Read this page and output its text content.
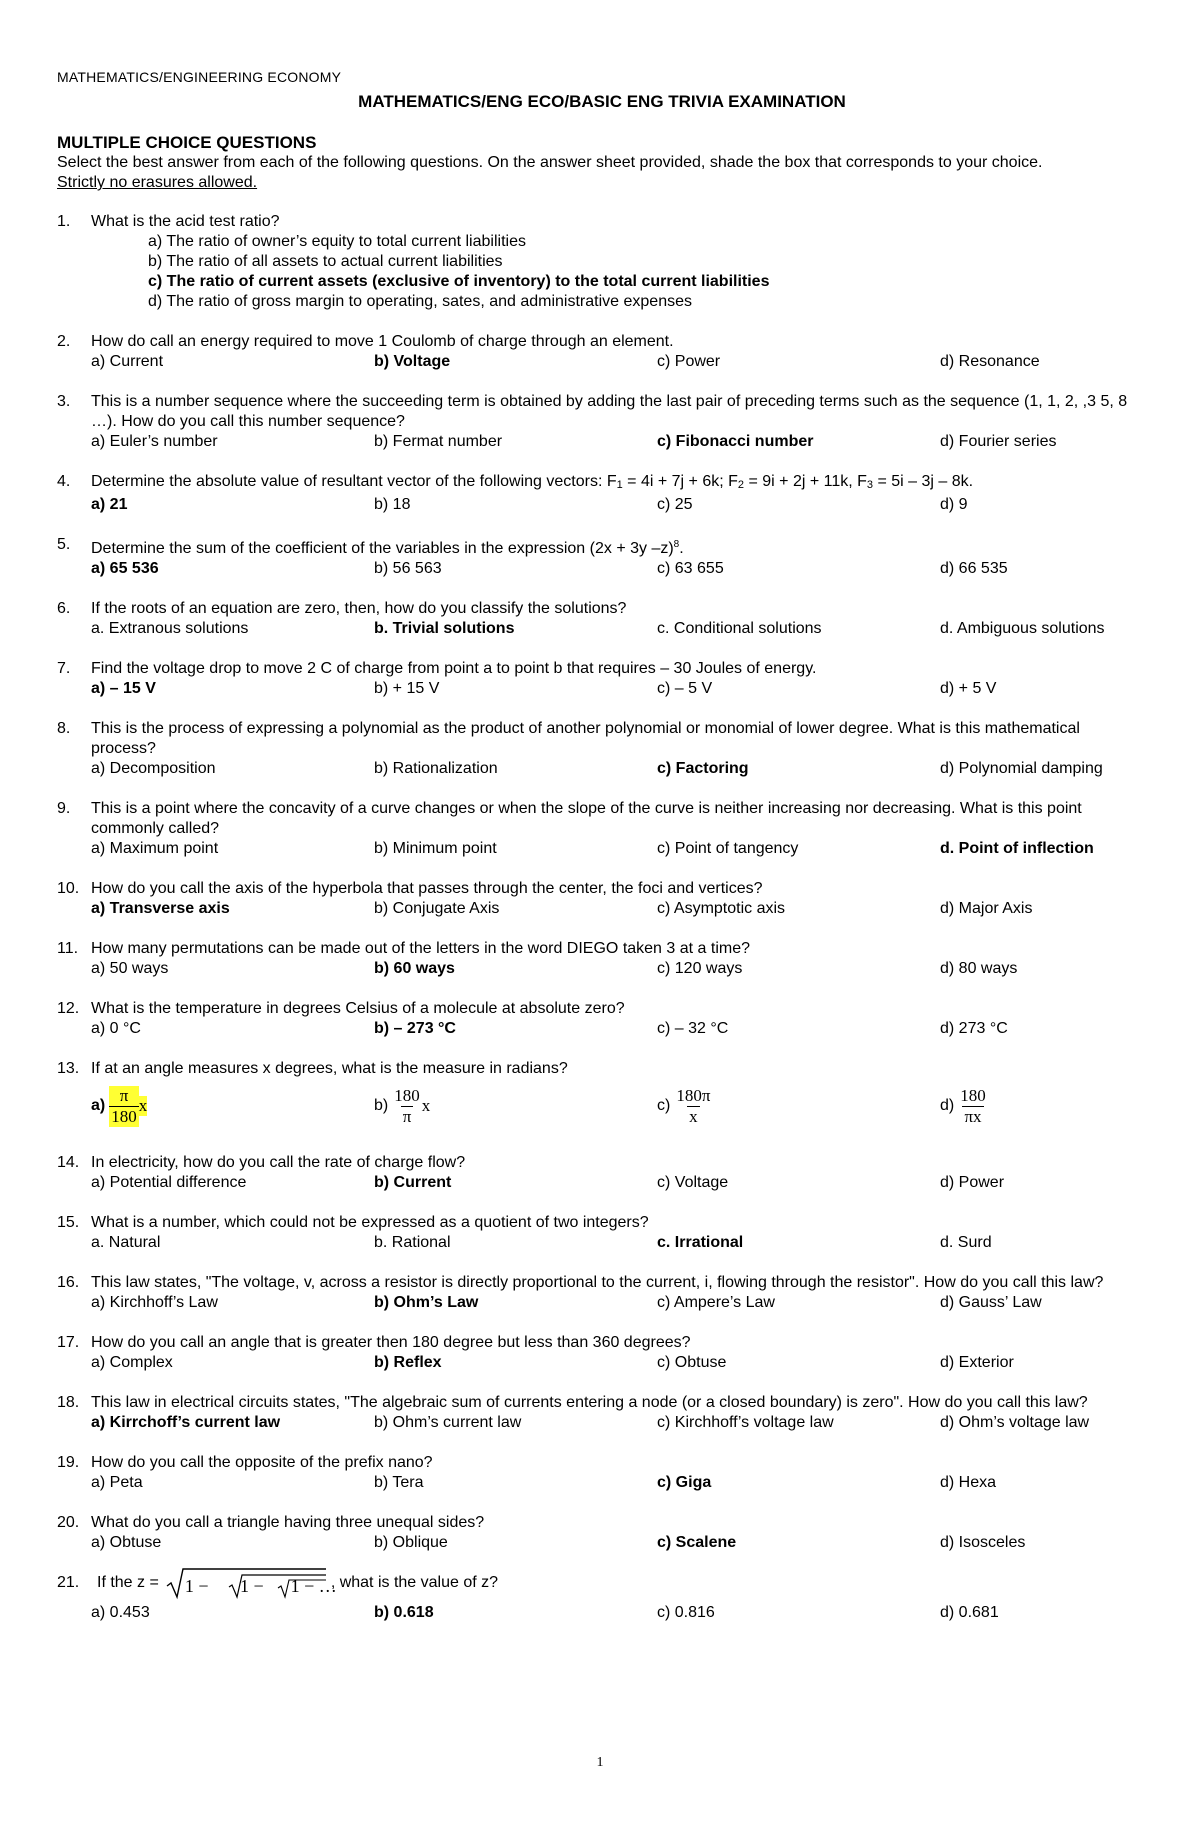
MATHEMATICS/ENGINEERING ECONOMY
MATHEMATICS/ENG ECO/BASIC ENG TRIVIA EXAMINATION
MULTIPLE CHOICE QUESTIONS
Select the best answer from each of the following questions. On the answer sheet provided, shade the box that corresponds to your choice.
Strictly no erasures allowed.
1.	What is the acid test ratio?
a) The ratio of owner’s equity to total current liabilities
b) The ratio of all assets to actual current liabilities
c) The ratio of current assets (exclusive of inventory) to the total current liabilities
d) The ratio of gross margin to operating, sates, and administrative expenses
2.	How do call an energy required to move 1 Coulomb of charge through an element.
a) Current	b) Voltage	c) Power	d) Resonance
3.	This is a number sequence where the succeeding term is obtained by adding the last pair of preceding terms such as the sequence (1, 1, 2, ,3 5, 8 …). How do you call this number sequence?
a) Euler’s number	b) Fermat number	c) Fibonacci number	d) Fourier series
4.	Determine the absolute value of resultant vector of the following vectors: $F_1 = 4i + 7j + 6k$; $F_2 = 9i + 2j + 11k$, $F_3 = 5i - 3j - 8k$.
a) 21	b) 18	c) 25	d) 9
5.	Determine the sum of the coefficient of the variables in the expression (2x + 3y –z)$^8$.
a) 65 536	b) 56 563	c) 63 655	d) 66 535
6.	If the roots of an equation are zero, then, how do you classify the solutions?
a. Extranous solutions	b. Trivial solutions	c. Conditional solutions	d. Ambiguous solutions
7.	Find the voltage drop to move 2 C of charge from point a to point b that requires – 30 Joules of energy.
a) – 15 V	b) + 15 V	c) – 5 V	d) + 5 V
8.	This is the process of expressing a polynomial as the product of another polynomial or monomial of lower degree. What is this mathematical process?
a) Decomposition	b) Rationalization	c) Factoring	d) Polynomial damping
9.	This is a point where the concavity of a curve changes or when the slope of the curve is neither increasing nor decreasing. What is this point commonly called?
a) Maximum point	b) Minimum point	c) Point of tangency	d. Point of inflection
10. How do you call the axis of the hyperbola that passes through the center, the foci and vertices?
a) Transverse axis	b) Conjugate Axis	c) Asymptotic axis	d) Major Axis
11. How many permutations can be made out of the letters in the word DIEGO taken 3 at a time?
a) 50 ways	b) 60 ways	c) 120 ways	d) 80 ways
12. What is the temperature in degrees Celsius of a molecule at absolute zero?
a) 0 °C	b) – 273 °C	c) – 32 °C	d) 273 °C
13. If at an angle measures x degrees, what is the measure in radians?
$a) \frac{\pi}{180}$ x	$b) \frac{180}{\pi}$ x	$c) \frac{180\pi}{x}$	$d) \frac{180}{\pi x}$
14. In electricity, how do you call the rate of charge flow?
a) Potential difference	b) Current	c) Voltage	d) Power
15. What is a number, which could not be expressed as a quotient of two integers?
a. Natural	b. Rational	c. Irrational	d. Surd
16. This law states, "The voltage, v, across a resistor is directly proportional to the current, i, flowing through the resistor". How do you call this law?
a) Kirchhoff’s Law	b) Ohm’s Law	c) Ampere’s Law	d) Gauss’ Law
17. How do you call an angle that is greater then 180 degree but less than 360 degrees?
a) Complex	b) Reflex	c) Obtuse	d) Exterior
18. This law in electrical circuits states, "The algebraic sum of currents entering a node (or a closed boundary) is zero". How do you call this law?
a) Kirrchoff’s current law	b) Ohm’s current law	c) Kirchhoff’s voltage law	d) Ohm’s voltage law
19. How do you call the opposite of the prefix nano?
a) Peta	b) Tera	c) Giga	d) Hexa
20. What do you call a triangle having three unequal sides?
a) Obtuse	b) Oblique	c) Scalene	d) Isosceles
21.	If the z = 1 −       1 −      1 − …
, what is the value of z?
a) 0.453	b) 0.618	c) 0.816	d) 0.681
1
